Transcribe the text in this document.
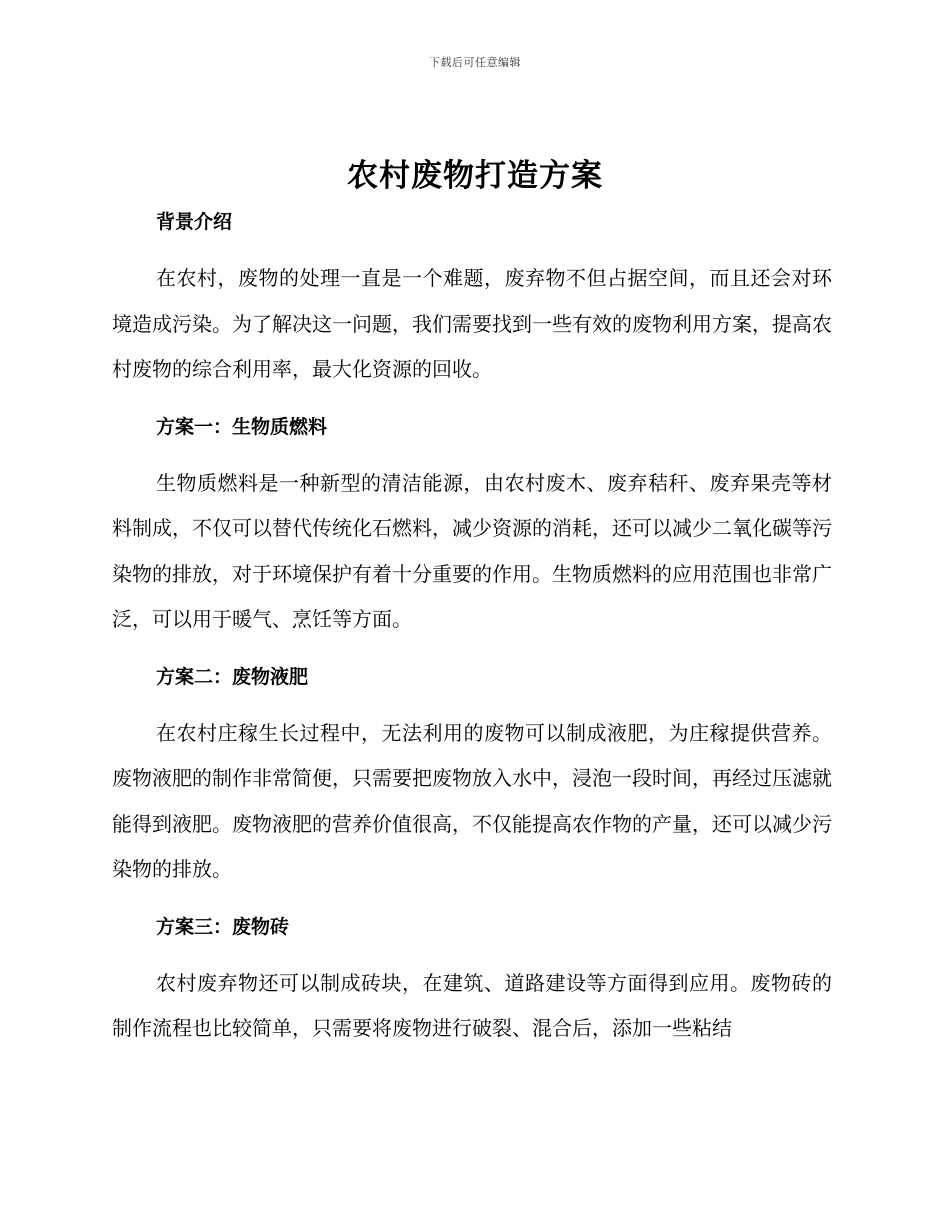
下载后可任意编辑
农村废物打造方案
背景介绍

在农村，废物的处理一直是一个难题，废弃物不但占据空间，而且还会对环境造成污染。为了解决这一问题，我们需要找到一些有效的废物利用方案，提高农村废物的综合利用率，最大化资源的回收。

方案一：生物质燃料

生物质燃料是一种新型的清洁能源，由农村废木、废弃秸秆、废弃果壳等材料制成，不仅可以替代传统化石燃料，减少资源的消耗，还可以减少二氧化碳等污染物的排放，对于环境保护有着十分重要的作用。生物质燃料的应用范围也非常广泛，可以用于暖气、烹饪等方面。

方案二：废物液肥

在农村庄稼生长过程中，无法利用的废物可以制成液肥，为庄稼提供营养。废物液肥的制作非常简便，只需要把废物放入水中，浸泡一段时间，再经过压滤就能得到液肥。废物液肥的营养价值很高，不仅能提高农作物的产量，还可以减少污染物的排放。

方案三：废物砖

农村废弃物还可以制成砖块，在建筑、道路建设等方面得到应用。废物砖的制作流程也比较简单，只需要将废物进行破裂、混合后，添加一些粘结
